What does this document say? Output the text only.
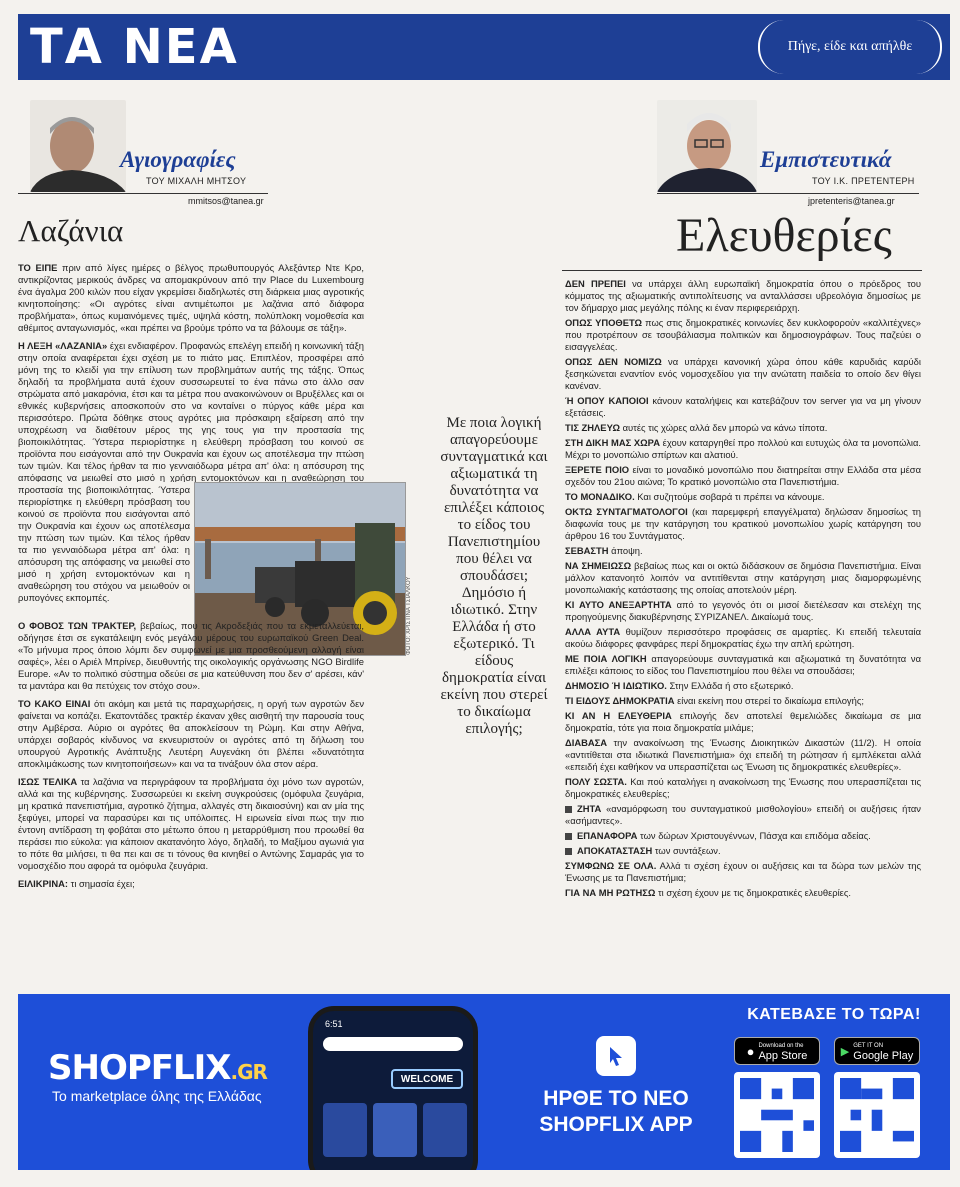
ΤΑ ΝΕΑ	Πήγε, είδε και απήλθε
Αγιογραφίες
ΤΟΥ ΜΙΧΑΛΗ ΜΗΤΣΟΥ
mmitsos@tanea.gr
Λαζάνια
Εμπιστευτικά
ΤΟΥ Ι.Κ. ΠΡΕΤΕΝΤΕΡΗ
jpretenteris@tanea.gr
Ελευθερίες

ΤΟ ΕΙΠΕ πριν από λίγες ημέρες ο βέλγος πρωθυπουργός Αλεξάντερ Ντε Κρο, αντικρίζοντας μερικούς άνδρες να απομακρύνουν από την Place du Luxembourg ένα άγαλμα 200 κιλών που είχαν γκρεμίσει διαδηλωτές στη διάρκεια μιας αγροτικής κινητοποίησης: «Οι αγρότες είναι αντιμέτωποι με λαζάνια από διάφορα προβλήματα», όπως κυμαινόμενες τιμές, υψηλά κόστη, πολύπλοκη νομοθεσία και αθέμιτος ανταγωνισμός, «και πρέπει να βρούμε τρόπο να τα βάλουμε σε τάξη».

Η ΛΕΞΗ «ΛΑΖΑΝΙΑ» έχει ενδιαφέρον. Προφανώς επελέγη επειδή η κοινωνική τάξη στην οποία αναφέρεται έχει σχέση με το πιάτο μας. Επιπλέον, προσφέρει από μόνη της το κλειδί για την επίλυση των προβλημάτων αυτής της τάξης. Όπως δηλαδή τα προβλήματα αυτά έχουν συσσωρευτεί το ένα πάνω στο άλλο σαν στρώματα από μακαρόνια, έτσι και τα μέτρα που ανακοινώνουν οι Βρυξέλλες και οι εθνικές κυβερνήσεις αποσκοπούν στο να κονταίνει ο πύργος κάθε μέρα και περισσότερο. Πρώτα δόθηκε στους αγρότες μια πρόσκαιρη εξαίρεση από την υποχρέωση να διαθέτουν μέρος της γης τους για την προστασία της βιοποικιλότητας. Ύστερα περιορίστηκε η ελεύθερη πρόσβαση του κοινού σε προϊόντα που εισάγονται από την Ουκρανία και έχουν ως αποτέλεσμα την πτώση των τιμών. Και τέλος ήρθαν τα πιο γενναιόδωρα μέτρα απ' όλα: η απόσυρση της απόφασης να μειωθεί στο μισό η χρήση εντομοκτόνων και η αναθεώρηση του

ΦΩΤΟ: ΧΡΙΣΤΙΝΑ ΤΣΙΑΛΚΟΥ

προστασία της βιοποικιλότητας. Ύστερα περιορίστηκε η ελεύθερη πρόσβαση του κοινού σε προϊόντα που εισάγονται από την Ουκρανία και έχουν ως αποτέλεσμα την πτώση των τιμών. Και τέλος ήρθαν τα πιο γενναιόδωρα μέτρα απ' όλα: η απόσυρση της απόφασης να μειωθεί στο μισό η χρήση εντομοκτόνων και η αναθεώρηση του στόχου να μειωθούν οι ρυπογόνες εκπομπές.

Ο ΦΟΒΟΣ ΤΩΝ ΤΡΑΚΤΕΡ, βεβαίως, που τις Ακροδεξιάς που τα εκμεταλλεύεται, οδήγησε έτσι σε εγκατάλειψη ενός μεγάλου μέρους του ευρωπαϊκού Green Deal. «Το μήνυμα προς όποιο λόμπι δεν συμφωνεί με μια προσθεούμενη αλλαγή είναι σαφές», λέει ο Αριέλ Μπρίνερ, διευθυντής της οικολογικής οργάνωσης NGO Birdlife Europe. «Αν το πολιτικό σύστημα οδεύει σε μια κατεύθυνση που δεν σ' αρέσει, κάν' τα μαντάρα και θα πετύχεις τον στόχο σου».

ΤΟ ΚΑΚΟ ΕΙΝΑΙ ότι ακόμη και μετά τις παραχωρήσεις, η οργή των αγροτών δεν φαίνεται να κοπάζει. Εκατοντάδες τρακτέρ έκαναν χθες αισθητή την παρουσία τους στην Αμβέρσα. Αύριο οι αγρότες θα αποκλείσουν τη Ρώμη. Και στην Αθήνα, υπάρχει σοβαρός κίνδυνος να εκνευριστούν οι αγρότες από τη δήλωση του υπουργού Αγροτικής Ανάπτυξης Λευτέρη Αυγενάκη ότι βλέπει «δυνατότητα αποκλιμάκωσης των κινητοποιήσεων» και να τα τινάξουν όλα στον αέρα.

ΙΣΩΣ ΤΕΛΙΚΑ τα λαζάνια να περιγράφουν τα προβλήματα όχι μόνο των αγροτών, αλλά και της κυβέρνησης. Συσσωρεύει κι εκείνη συγκρούσεις (ομόφυλα ζευγάρια, μη κρατικά πανεπιστήμια, αγροτικό ζήτημα, αλλαγές στη δικαιοσύνη) και αν μία της ξεφύγει, μπορεί να παρασύρει και τις υπόλοιπες. Η ειρωνεία είναι πως την πιο έντονη αντίδραση τη φοβάται στο μέτωπο όπου η μεταρρύθμιση που προωθεί θα περάσει πιο εύκολα: για κάποιον ακατανόητο λόγο, δηλαδή, το Μαξίμου αγωνιά για το πότε θα μιλήσει, τι θα πει και σε τι τόνους θα κινηθεί ο Αντώνης Σαμαράς για το νομοσχέδιο που αφορά τα ομόφυλα ζευγάρια.

ΕΙΛΙΚΡΙΝΑ: τι σημασία έχει;

Με ποια λογική απαγορεύουμε συνταγματικά και αξιωματικά τη δυνατότητα να επιλέξει κάποιος το είδος του Πανεπιστημίου που θέλει να σπουδάσει; Δημόσιο ή ιδιωτικό. Στην Ελλάδα ή στο εξωτερικό. Τι είδους δημοκρατία είναι εκείνη που στερεί το δικαίωμα επιλογής;

ΔΕΝ ΠΡΕΠΕΙ να υπάρχει άλλη ευρωπαϊκή δημοκρατία όπου ο πρόεδρος του κόμματος της αξιωματικής αντιπολίτευσης να ανταλλάσσει υβρεολόγια δημοσίως με τον δήμαρχο μιας μεγάλης πόλης κι έναν περιφερειάρχη.

ΟΠΩΣ ΥΠΟΘΕΤΩ πως στις δημοκρατικές κοινωνίες δεν κυκλοφορούν «καλλιτέχνες» που προτρέπουν σε τσουβάλιασμα πολιτικών και δημοσιογράφων. Τους παζεύει ο εισαγγελέας.

ΟΠΩΣ ΔΕΝ ΝΟΜΙΖΩ να υπάρχει κανονική χώρα όπου κάθε καρυδιάς καρύδι ξεσηκώνεται εναντίον ενός νομοσχεδίου για την ανώτατη παιδεία το οποίο δεν θίγει κανέναν.

Ή ΟΠΟΥ ΚΑΠΟΙΟΙ κάνουν καταλήψεις και κατεβάζουν τον server για να μη γίνουν εξετάσεις.

ΤΙΣ ΖΗΛΕΥΩ αυτές τις χώρες αλλά δεν μπορώ να κάνω τίποτα.

ΣΤΗ ΔΙΚΗ ΜΑΣ ΧΩΡΑ έχουν καταργηθεί προ πολλού και ευτυχώς όλα τα μονοπώλια. Μέχρι το μονοπώλιο σπίρτων και αλατιού.

ΞΕΡΕΤΕ ΠΟΙΟ είναι το μοναδικό μονοπώλιο που διατηρείται στην Ελλάδα στα μέσα σχεδόν του 21ου αιώνα; Το κρατικό μονοπώλιο στα Πανεπιστήμια.

ΤΟ ΜΟΝΑΔΙΚΟ. Και συζητούμε σοβαρά τι πρέπει να κάνουμε.

ΟΚΤΩ ΣΥΝΤΑΓΜΑΤΟΛΟΓΟΙ (και παρεμφερή επαγγέλματα) δηλώσαν δημοσίως τη διαφωνία τους με την κατάργηση του κρατικού μονοπωλίου χωρίς κατάργηση του άρθρου 16 του Συντάγματος.

ΣΕΒΑΣΤΗ άποψη.

ΝΑ ΣΗΜΕΙΩΣΩ βεβαίως πως και οι οκτώ διδάσκουν σε δημόσια Πανεπιστήμια. Είναι μάλλον κατανοητό λοιπόν να αντιτίθενται στην κατάργηση μιας διαμορφωμένης μονοπωλιακής κατάστασης της οποίας αποτελούν μέρη.

ΚΙ ΑΥΤΟ ΑΝΕΞΑΡΤΗΤΑ από το γεγονός ότι οι μισοί διετέλεσαν και στελέχη της προηγούμενης διακυβέρνησης ΣΥΡΙΖΑΝΕΛ. Δικαίωμά τους.

ΑΛΛΑ ΑΥΤΑ θυμίζουν περισσότερο προφάσεις σε αμαρτίες. Κι επειδή τελευταία ακούω διάφορες φανφάρες περί δημοκρατίας έχω την απλή ερώτηση.

ΜΕ ΠΟΙΑ ΛΟΓΙΚΗ απαγορεύουμε συνταγματικά και αξιωματικά τη δυνατότητα να επιλέξει κάποιος το είδος του Πανεπιστημίου που θέλει να σπουδάσει;

ΔΗΜΟΣΙΟ Ή ΙΔΙΩΤΙΚΟ. Στην Ελλάδα ή στο εξωτερικό.

ΤΙ ΕΙΔΟΥΣ ΔΗΜΟΚΡΑΤΙΑ είναι εκείνη που στερεί το δικαίωμα επιλογής;

ΚΙ ΑΝ Η ΕΛΕΥΘΕΡΙΑ επιλογής δεν αποτελεί θεμελιώδες δικαίωμα σε μια δημοκρατία, τότε για ποια δημοκρατία μιλάμε;

ΔΙΑΒΑΣΑ την ανακοίνωση της Ένωσης Διοικητικών Δικαστών (11/2). Η οποία «αντιτίθεται στα ιδιωτικά Πανεπιστήμια» όχι επειδή τη ρώτησαν ή εμπλέκεται αλλά «επειδή έχει καθήκον να υπερασπίζεται ως Ένωση τις δημοκρατικές ελευθερίες».

ΠΟΛΥ ΣΩΣΤΑ. Και πού καταλήγει η ανακοίνωση της Ένωσης που υπερασπίζεται τις δημοκρατικές ελευθερίες;

ΖΗΤΑ «αναμόρφωση του συνταγματικού μισθολογίου» επειδή οι αυξήσεις ήταν «ασήμαντες».

ΕΠΑΝΑΦΟΡΑ των δώρων Χριστουγέννων, Πάσχα και επιδόμα αδείας.

ΑΠΟΚΑΤΑΣΤΑΣΗ των συντάξεων.

ΣΥΜΦΩΝΩ ΣΕ ΟΛΑ. Αλλά τι σχέση έχουν οι αυξήσεις και τα δώρα των μελών της Ένωσης με τα Πανεπιστήμια;

ΓΙΑ ΝΑ ΜΗ ΡΩΤΗΣΩ τι σχέση έχουν με τις δημοκρατικές ελευθερίες.

SHOPFLIX.GR
Το marketplace όλης της Ελλάδας
6:51
WELCOME
ΗΡΘΕ ΤΟ ΝΕΟ
SHOPFLIX APP
ΚΑΤΕΒΑΣΕ ΤΟ ΤΩΡΑ!
● Download on the
App Store	▶ GET IT ON
Google Play
